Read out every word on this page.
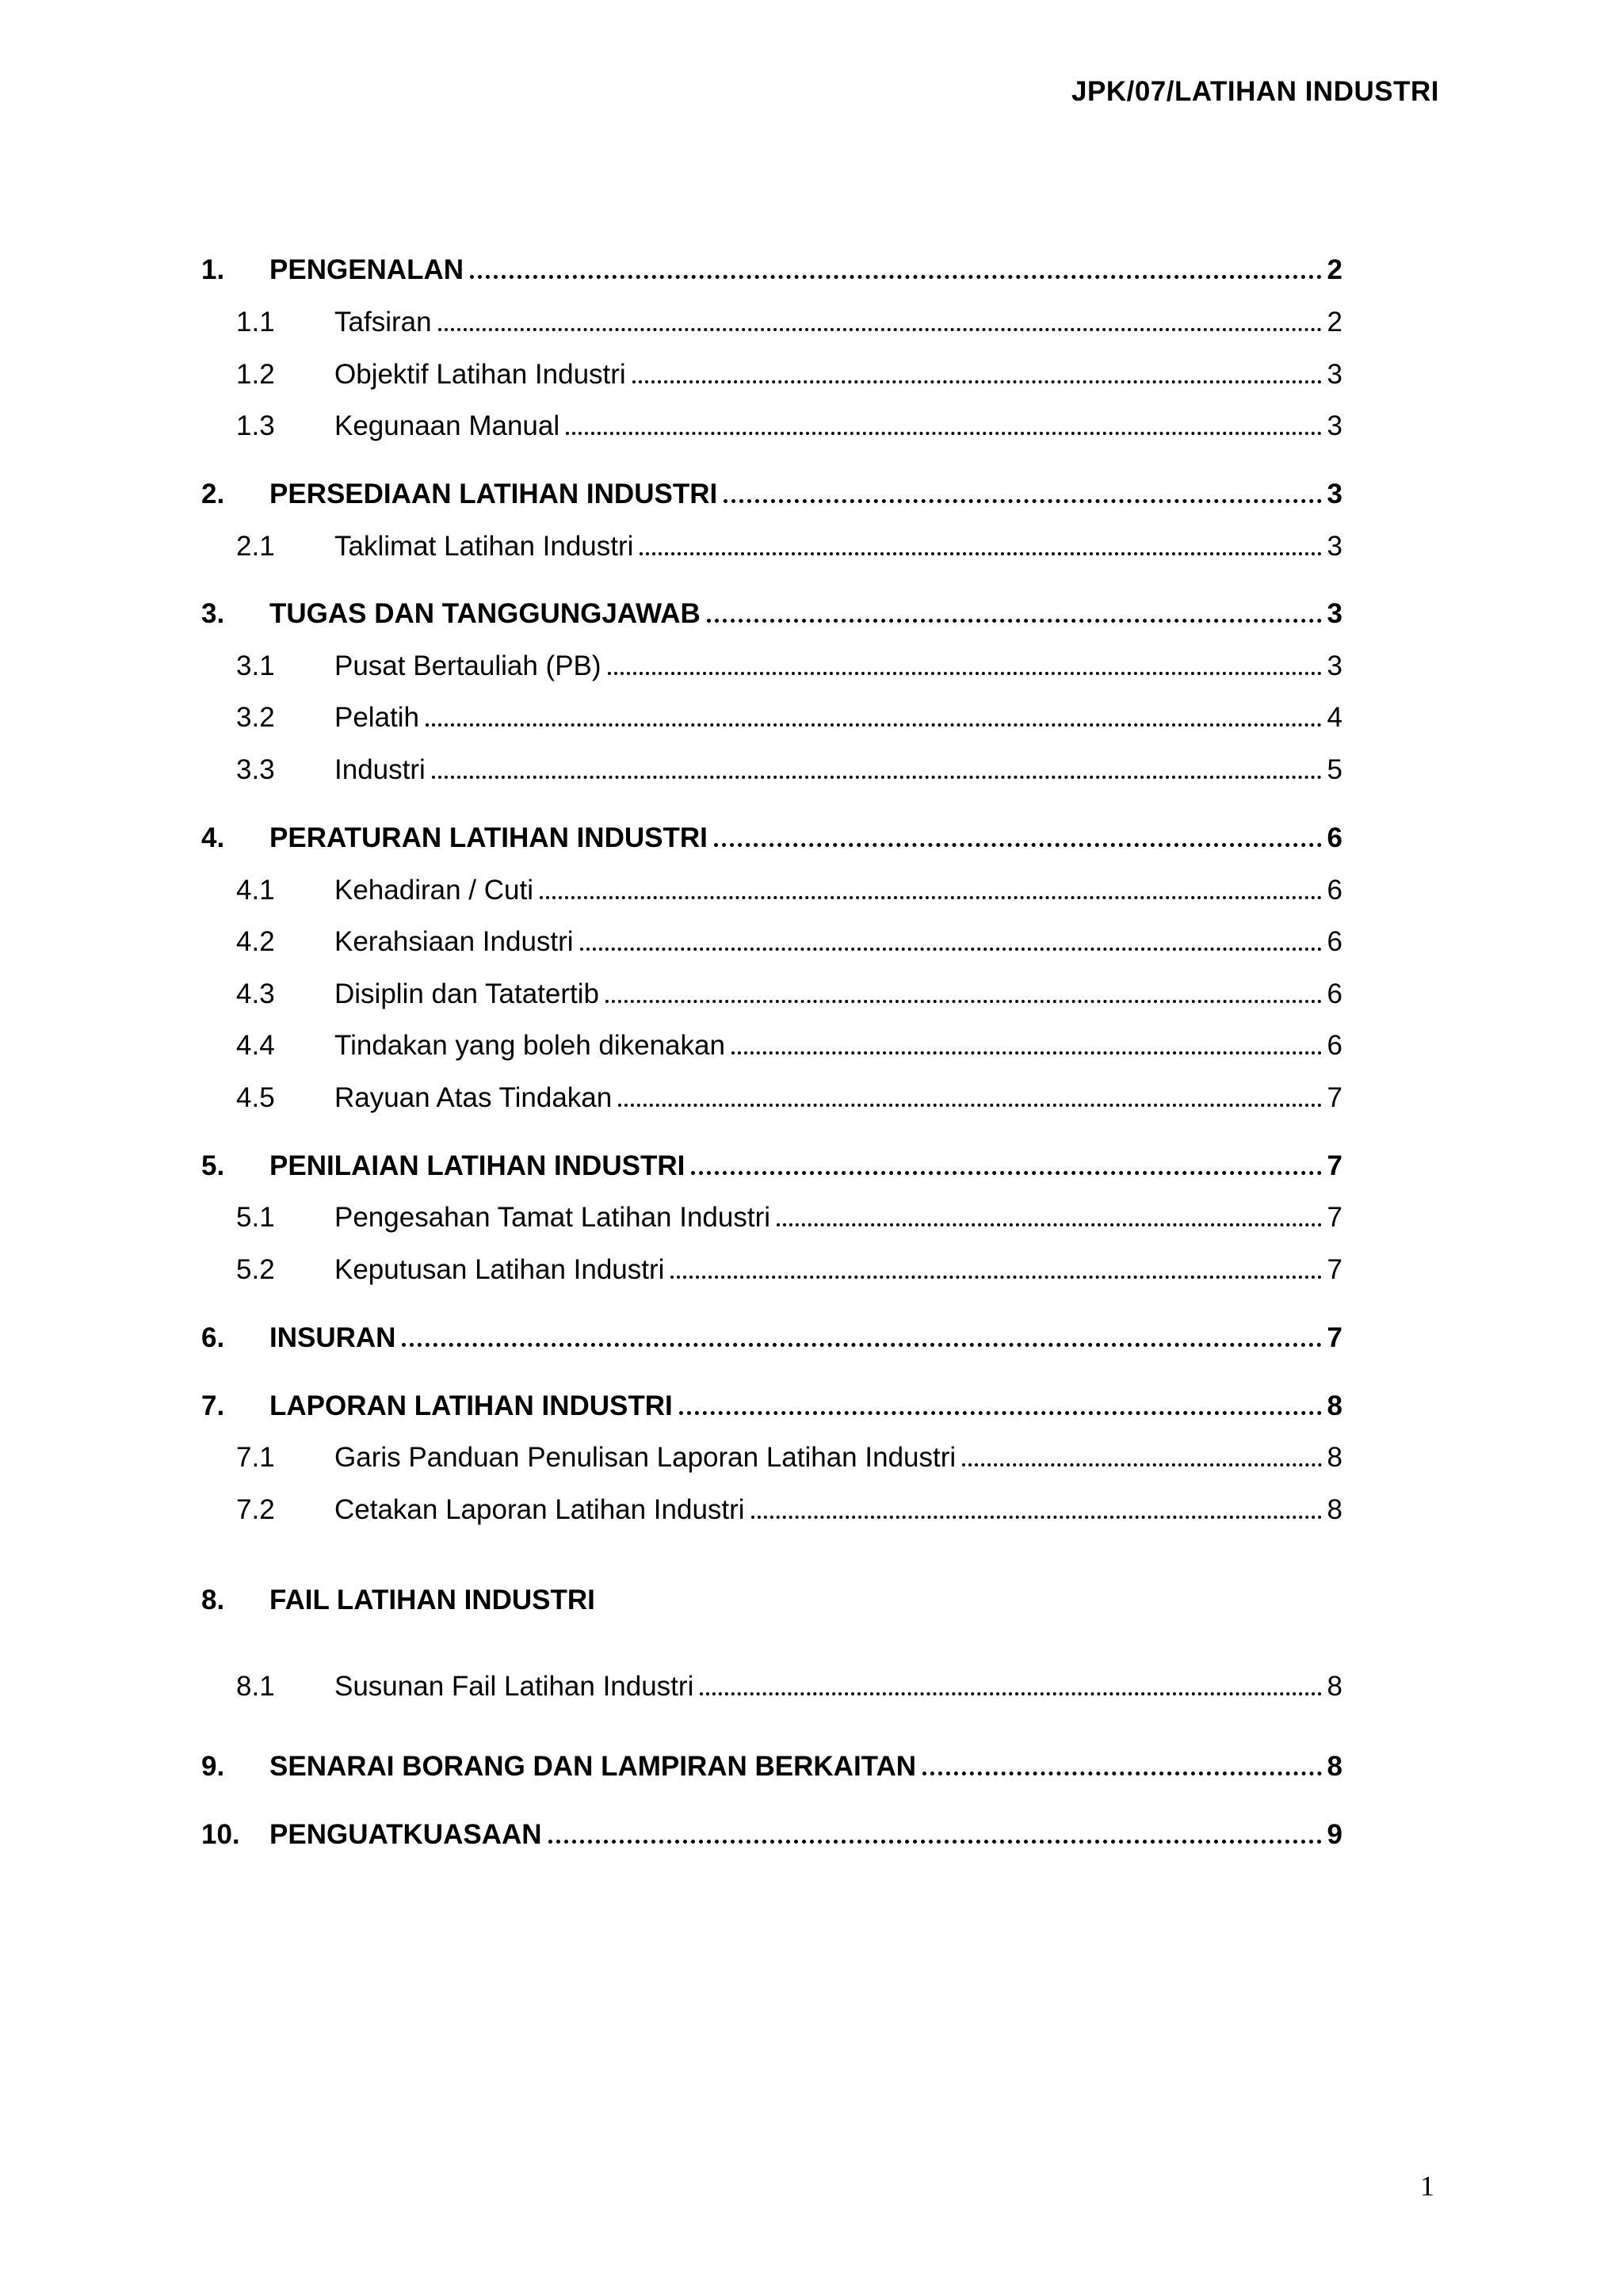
JPK/07/LATIHAN INDUSTRI
1.	PENGENALAN	2
1.1	Tafsiran	2
1.2	Objektif Latihan Industri	3
1.3	Kegunaan Manual	3
2.	PERSEDIAAN LATIHAN INDUSTRI	3
2.1	Taklimat Latihan Industri	3
3.	TUGAS DAN TANGGUNGJAWAB	3
3.1	Pusat Bertauliah (PB)	3
3.2	Pelatih	4
3.3	Industri	5
4.	PERATURAN LATIHAN INDUSTRI	6
4.1	Kehadiran / Cuti	6
4.2	Kerahsiaan Industri	6
4.3	Disiplin dan Tatatertib	6
4.4	Tindakan yang boleh dikenakan	6
4.5	Rayuan Atas Tindakan	7
5.	PENILAIAN LATIHAN INDUSTRI	7
5.1	Pengesahan Tamat Latihan Industri	7
5.2	Keputusan Latihan Industri	7
6.	INSURAN	7
7.	LAPORAN LATIHAN INDUSTRI	8
7.1	Garis Panduan Penulisan Laporan Latihan Industri	8
7.2	Cetakan Laporan Latihan Industri	8
8.	FAIL LATIHAN INDUSTRI
8.1	Susunan Fail Latihan Industri	8
9.	SENARAI BORANG DAN LAMPIRAN BERKAITAN	8
10.	PENGUATKUASAAN	9
1
